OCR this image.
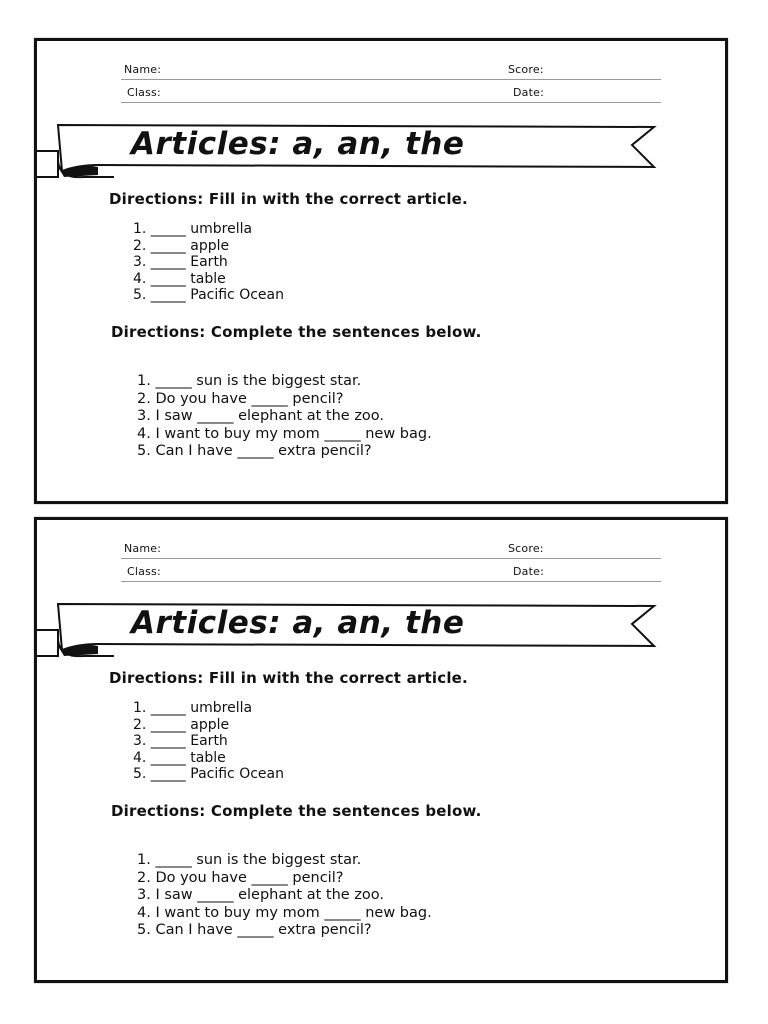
Name:	Score:
Class:	Date:
Articles: a, an, the
Directions: Fill in with the correct article.
1. _____ umbrella
2. _____ apple
3. _____ Earth
4. _____ table
5. _____ Pacific Ocean
Directions: Complete the sentences below.
1. _____ sun is the biggest star.
2. Do you have _____ pencil?
3. I saw _____ elephant at the zoo.
4. I want to buy my mom _____ new bag.
5. Can I have _____ extra pencil?
Name:	Score:
Class:	Date:
Articles: a, an, the
Directions: Fill in with the correct article.
1. _____ umbrella
2. _____ apple
3. _____ Earth
4. _____ table
5. _____ Pacific Ocean
Directions: Complete the sentences below.
1. _____ sun is the biggest star.
2. Do you have _____ pencil?
3. I saw _____ elephant at the zoo.
4. I want to buy my mom _____ new bag.
5. Can I have _____ extra pencil?
